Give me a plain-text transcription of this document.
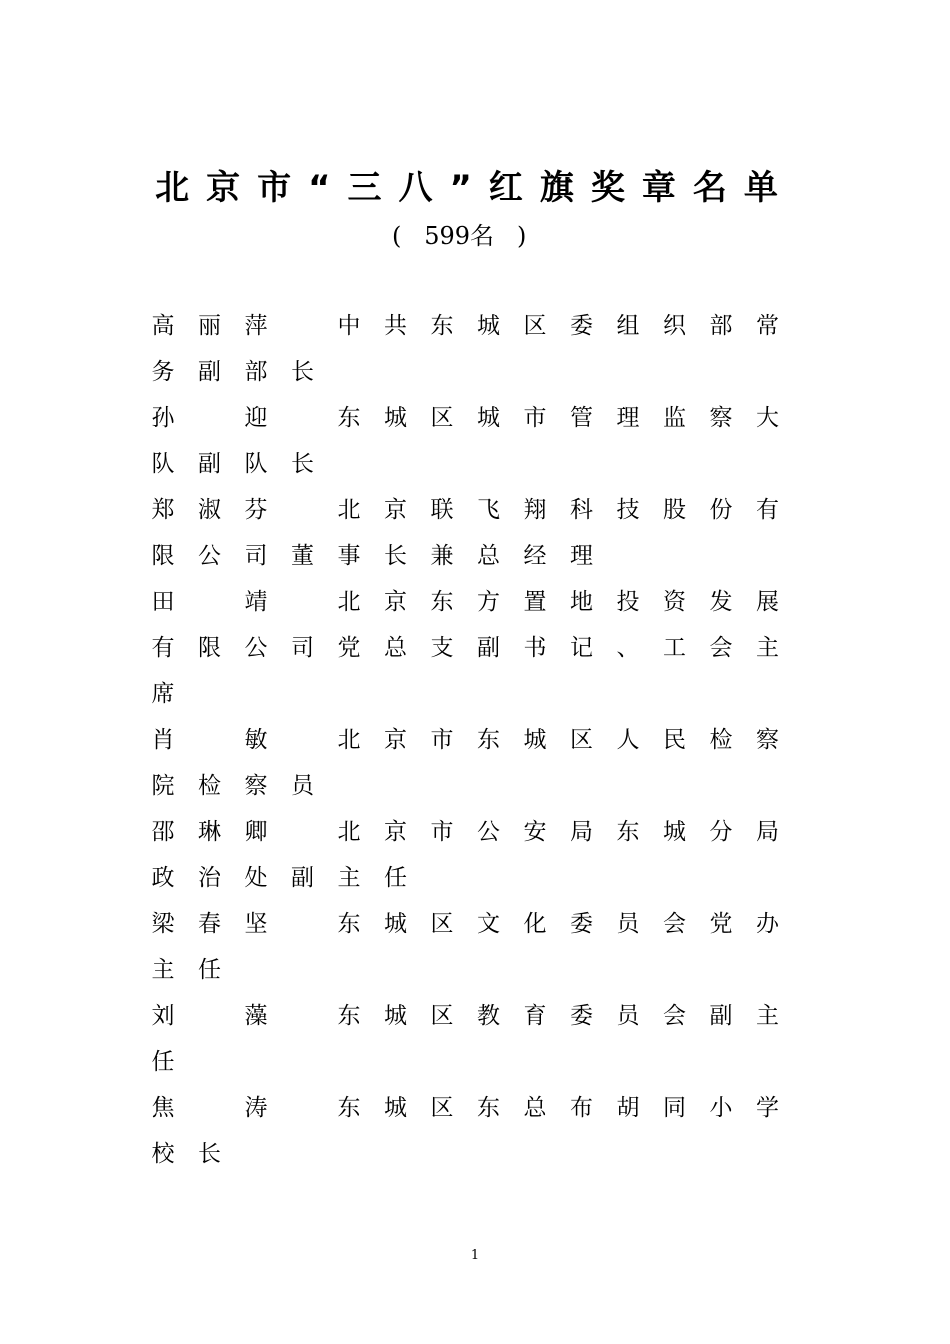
北京市“三八”红旗奖章名单
(   599名   )
高 丽 萍	中 共 东 城 区 委 组 织 部 常
务 副 部 长
孙	迎	东 城 区 城 市 管 理 监 察 大
队 副 队 长
郑 淑 芬	北 京 联 飞 翔 科 技 股 份 有
限 公 司 董 事 长 兼 总 经 理
田	靖	北 京 东 方 置 地 投 资 发 展
有 限 公 司 党 总 支 副 书 记 、 工 会 主
席
肖	敏	北 京 市 东 城 区 人 民 检 察
院 检 察 员
邵 琳 卿	北 京 市 公 安 局 东 城 分 局
政 治 处 副 主 任
梁 春 坚	东 城 区 文 化 委 员 会 党 办
主 任
刘	藻	东 城 区 教 育 委 员 会 副 主
任
焦	涛	东 城 区 东 总 布 胡 同 小 学
校 长
1
